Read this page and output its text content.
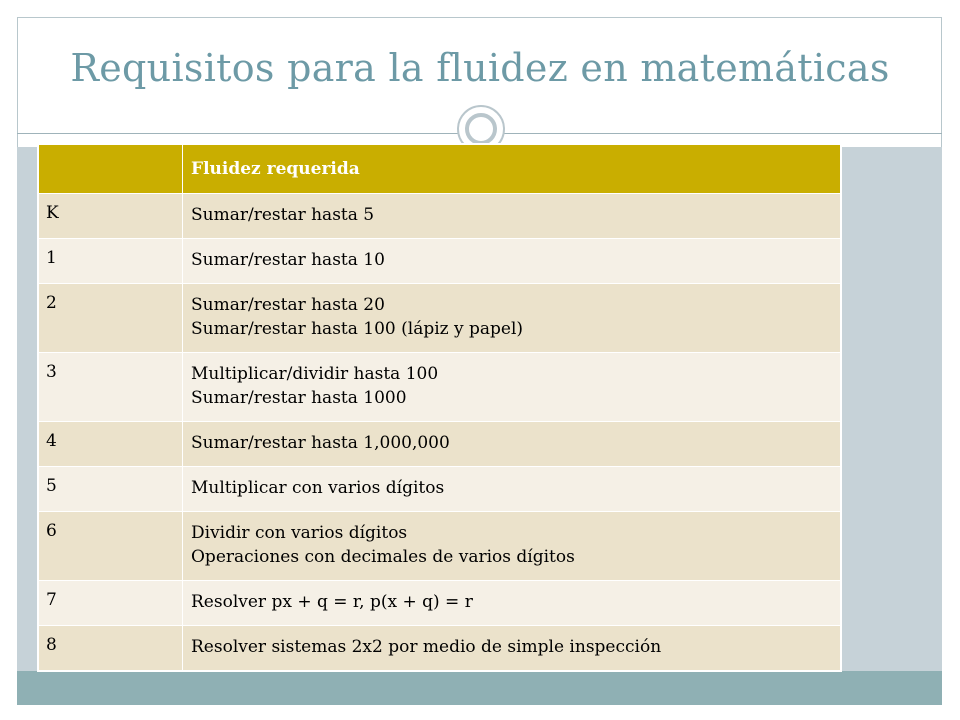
Requisitos para la fluidez en matemáticas
	Fluidez requerida
K	Sumar/restar hasta 5

1	Sumar/restar hasta 10

2	Sumar/restar hasta 20
Sumar/restar hasta 100 (lápiz y papel)

3	Multiplicar/dividir hasta 100
Sumar/restar hasta 1000

4	Sumar/restar hasta 1,000,000

5	Multiplicar con varios dígitos

6	Dividir con varios dígitos
Operaciones con decimales de varios dígitos

7	Resolver px + q = r, p(x + q) = r

8	Resolver sistemas 2x2 por medio de simple inspección
